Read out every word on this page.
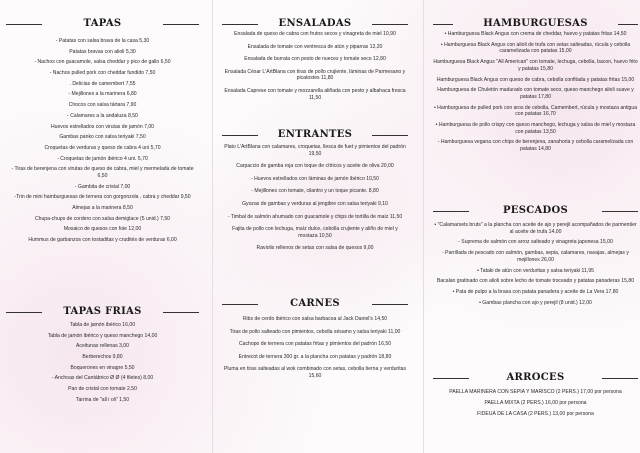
TAPAS
- Patatas con salsa brava de la casa 5,30
Patatas bravas con alioli 5,30
- Nachos con guacamole, salsa cheddar y pico de gallo 6,50
- Nachos pulled pork con cheddar fundido 7,50
. Delicias de camembert 7,55
- Mejillones a la marinera 6,80
Chocos con salsa tártara 7,90
- Calamares a la andaluza 8,50
Huevos estrellados con virutas de jamón 7,00
Gambas panko con salsa teriyaki 7,50
Croquetas de verduras y queso de cabra 4 uni 5,70
- Croquetas de jamón ibérico 4 uni. 5,70
- Tiras de berenjena con virutas de queso de cabra, miel y mermelada de tomate 6,50
- Gambita de cristal 7,00
-Trin de mini hamburguesas de ternera con gorgonzola , cabra y cheddar 9,50
Almejas a la marinera 8,50
Chupa-chups de cordero con salsa demiglace (5 unid.) 7,50
Mosaico de quesos con foie 12,00
Hummus de garbanzos con tostaditas y crudités de verduras 6,00
TAPAS FRIAS
Tabla de jamón ibérico 16,00
Tabla de jamón ibérico y queso manchego 14,00
Aceitunas rellenas 3,00
Berberechos 9,80
Boquerones en vinagre 5,50
- Anchoas del Cantábrico Ø Ø (4 filetes) 8,00
Pan de cristal con tomate 2,50
Tarrina de "all i oli" 1,50
ENSALADAS
Ensalada de queso de cabra con frutos secos y vinagreta de miel 10,90
Ensalada de tomate con ventresca de atún y piparras 12,20
Ensalada de burrata con pesto de nueces y tomate seco 12,80
Ensalada César L'ArtBlana con tiras de pollo crujiente, láminas de Parmesano y picatostes 11,80
Ensalada Caprese con tomate y mozzarella aliñada con pesto y albahaca fresca 11,50
ENTRANTES
Plato L'ArtBlana con calamares, croquetas, llesca de fuet y pimientos del padrón 19,50
Carpaccio de gamba roja con toque de cítricos y aceite de oliva 20,00
- Huevos estrellados con láminas de jamón ibérico 10,50
- Mejillones con tomate, cilantro y un toque picante. 8,80
Gyozas de gambas y verduras al jengibre con salsa teriyaki 9,10
- Timbal de salmón ahumado con guacamole y chips de tortilla de maíz 11,50
Fajita de pollo con lechuga, maíz dulce, cebolla crujiente y aliño de miel y mostaza 10,50
Raviolis rellenos de setas con salsa de quesos 9,00
CARNES
Ribs de cerdo ibérico con salsa barbacoa al Jack Daniel's 14,50
Tiras de pollo salteado con pimientos, cebolla sésamo y salsa teriyaki 11,00
Cachopo de ternera con patatas fritas y pimientos del padrón 16,50
Entrecot de ternera 300 gr. a la plancha con patatas y padrón 18,80
Pluma en tiras salteadas al wok combinado con setas, cebolla tierna y verduritas 15,60
HAMBURGUESAS
• Hamburguesa Black Angus con crema de cheddar, huevo y patatas fritas 14,50
• Hamburguesa Black Angus con alioli de trufa con setas salteadas, rúcula y cebolla caramelizada con patatas 15,00
Hamburguesa Black Angus "All American" con tomate, lechuga, cebolla, bacon, huevo frito y patatas 15,80
Hamburguesa Black Angus con queso de cabra, cebolla confitada y patatas fritas 15,00
Hamburguesa de Chuletón madurado con tomate seco, queso manchego alioli suave y patatas 17,80
• Hamburguesa de pulled pork con aros de cebolla, Camembert, rúcula y mostaza antigua con patatas 16,70
• Hamburguesa de pollo crispy con queso manchego, lechuga y salsa de miel y mostaza con patatas 13,50
- Hamburguesa vegana con chips de berenjena, zanahoria y cebolla caramelizada con patatas 14,80
PESCADOS
• "Calamarsets bruts" a la plancha con aceite de ajo y perejil acompañados de parmentier al aceite de trufa 14,00
- Suprema de salmón con arroz salteado y vinagreta japonesa 15,00
- Parrillada de pescado con salmón, gambas, sepia, calamares, navajas, almejas y mejillones 26,00
• Tataki de atún con verduritas y salsa teriyaki 11,95
Bacalao gratinado con alioli sobre lecho de tomate troceado y patatas panaderas 15,80
• Pata de pulpo a la brasa con patata panadera y aceite de La Vera 17,80
• Gambas plancha con ajo y perejil (8 unid.) 12,00
ARROCES
PAELLA MARINERA CON SEPIA Y MARISCO (2 PERS.) 17,00 por persona
PAELLA MIXTA (2 PERS.) 16,00 por persona
FIDEUÁ DE LA CASA (2 PERS.) 13,00 por persona
